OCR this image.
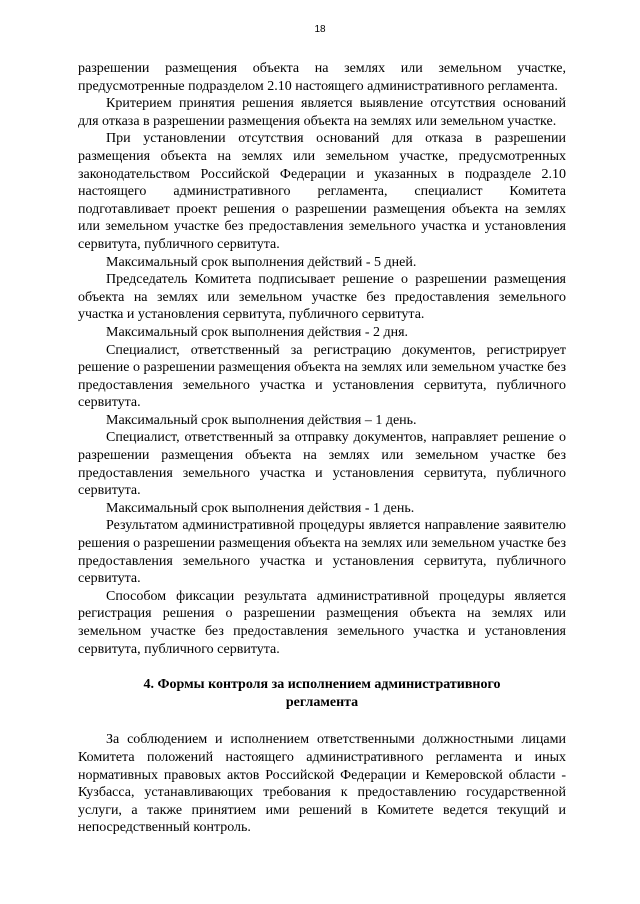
18

разрешении размещения объекта на землях или земельном участке, предусмотренные подразделом 2.10 настоящего административного регламента.

Критерием принятия решения является выявление отсутствия оснований для отказа в разрешении размещения объекта на землях или земельном участке.

При установлении отсутствия оснований для отказа в разрешении размещения объекта на землях или земельном участке, предусмотренных законодательством Российской Федерации и указанных в подразделе 2.10 настоящего административного регламента, специалист Комитета подготавливает проект решения о разрешении размещения объекта на землях или земельном участке без предоставления земельного участка и установления сервитута, публичного сервитута.

Максимальный срок выполнения действий - 5 дней.

Председатель Комитета подписывает решение о разрешении размещения объекта на землях или земельном участке без предоставления земельного участка и установления сервитута, публичного сервитута.

Максимальный срок выполнения действия - 2 дня.

Специалист, ответственный за регистрацию документов, регистрирует решение о разрешении размещения объекта на землях или земельном участке без предоставления земельного участка и установления сервитута, публичного сервитута.

Максимальный срок выполнения действия – 1 день.

Специалист, ответственный за отправку документов, направляет решение о разрешении размещения объекта на землях или земельном участке без предоставления земельного участка и установления сервитута, публичного сервитута.

Максимальный срок выполнения действия - 1 день.

Результатом административной процедуры является направление заявителю решения о разрешении размещения объекта на землях или земельном участке без предоставления земельного участка и установления сервитута, публичного сервитута.

Способом фиксации результата административной процедуры является регистрация решения о разрешении размещения объекта на землях или земельном участке без предоставления земельного участка и установления сервитута, публичного сервитута.

4. Формы контроля за исполнением административного регламента

За соблюдением и исполнением ответственными должностными лицами Комитета положений настоящего административного регламента и иных нормативных правовых актов Российской Федерации и Кемеровской области - Кузбасса, устанавливающих требования к предоставлению государственной услуги, а также принятием ими решений в Комитете ведется текущий и непосредственный контроль.
